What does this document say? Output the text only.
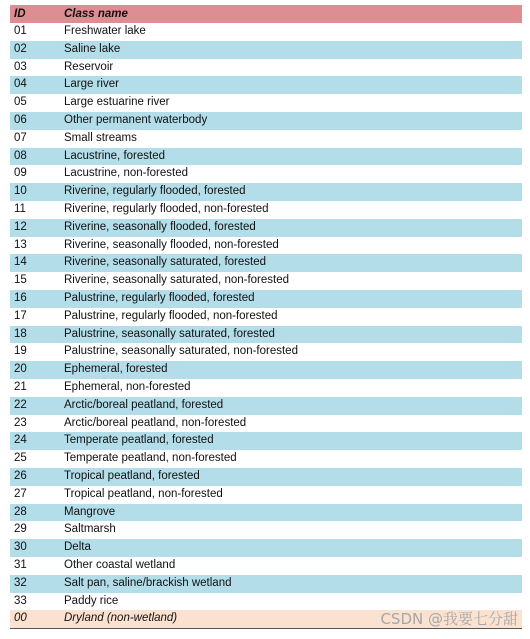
ID	Class name
01	Freshwater lake
02	Saline lake
03	Reservoir
04	Large river
05	Large estuarine river
06	Other permanent waterbody
07	Small streams
08	Lacustrine, forested
09	Lacustrine, non-forested
10	Riverine, regularly flooded, forested
11	Riverine, regularly flooded, non-forested
12	Riverine, seasonally flooded, forested
13	Riverine, seasonally flooded, non-forested
14	Riverine, seasonally saturated, forested
15	Riverine, seasonally saturated, non-forested
16	Palustrine, regularly flooded, forested
17	Palustrine, regularly flooded, non-forested
18	Palustrine, seasonally saturated, forested
19	Palustrine, seasonally saturated, non-forested
20	Ephemeral, forested
21	Ephemeral, non-forested
22	Arctic/boreal peatland, forested
23	Arctic/boreal peatland, non-forested
24	Temperate peatland, forested
25	Temperate peatland, non-forested
26	Tropical peatland, forested
27	Tropical peatland, non-forested
28	Mangrove
29	Saltmarsh
30	Delta
31	Other coastal wetland
32	Salt pan, saline/brackish wetland
33	Paddy rice
00	Dryland (non-wetland)	CSDN @我要七分甜
